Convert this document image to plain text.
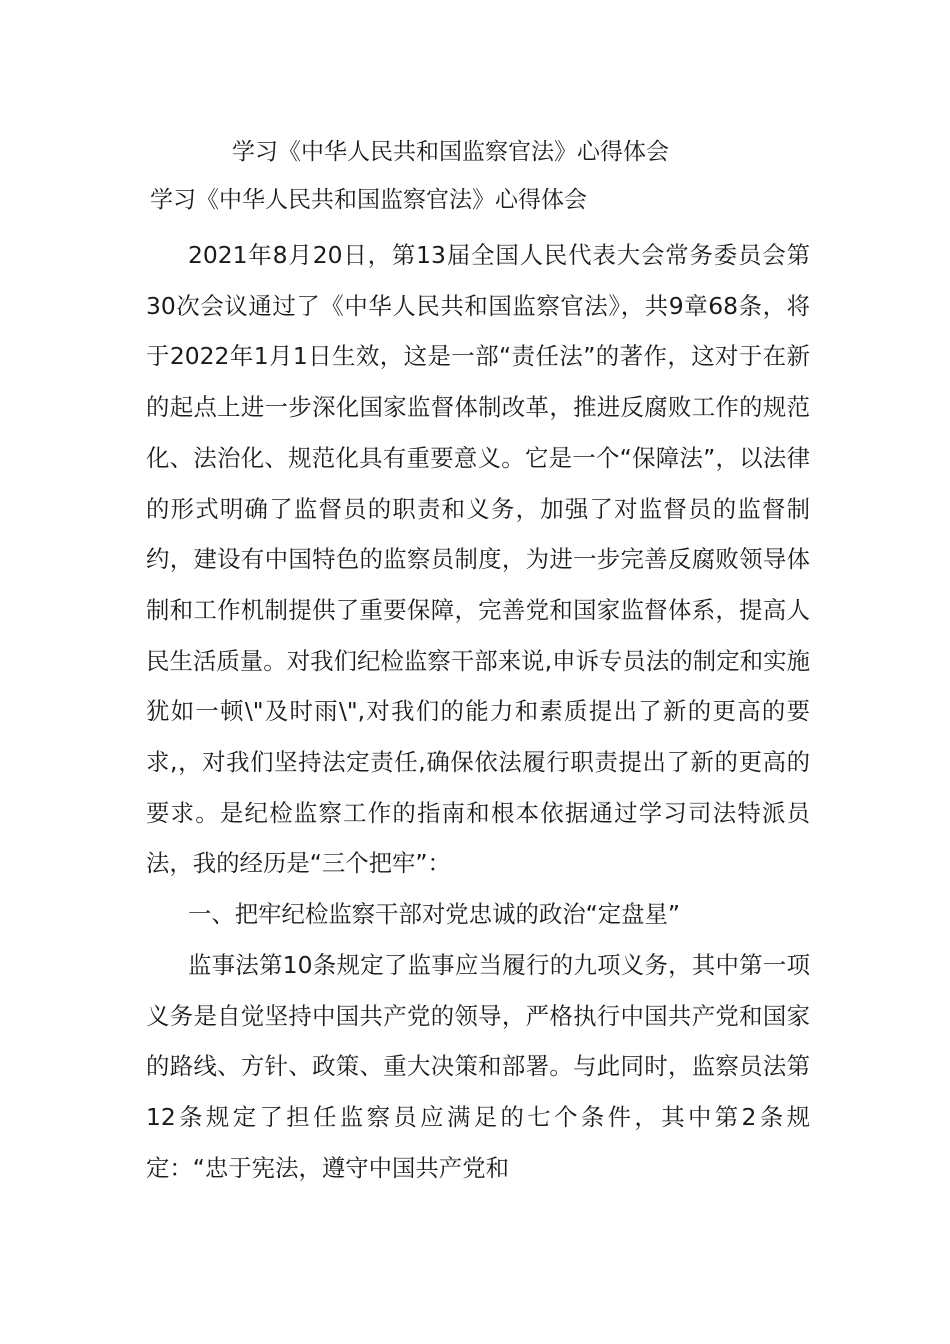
学习《中华人民共和国监察官法》心得体会
学习《中华人民共和国监察官法》心得体会

2021年8月20日，第13届全国人民代表大会常务委员会第30次会议通过了《中华人民共和国监察官法》，共9章68条，将于2022年1月1日生效，这是一部“责任法”的著作，这对于在新的起点上进一步深化国家监督体制改革，推进反腐败工作的规范化、法治化、规范化具有重要意义。它是一个“保障法”，以法律的形式明确了监督员的职责和义务，加强了对监督员的监督制约，建设有中国特色的监察员制度，为进一步完善反腐败领导体制和工作机制提供了重要保障，完善党和国家监督体系，提高人民生活质量。对我们纪检监察干部来说,申诉专员法的制定和实施犹如一顿\"及时雨\",对我们的能力和素质提出了新的更高的要求,，对我们坚持法定责任,确保依法履行职责提出了新的更高的要求。是纪检监察工作的指南和根本依据通过学习司法特派员法，我的经历是“三个把牢”：

一、把牢纪检监察干部对党忠诚的政治“定盘星”

监事法第10条规定了监事应当履行的九项义务，其中第一项义务是自觉坚持中国共产党的领导，严格执行中国共产党和国家的路线、方针、政策、重大决策和部署。与此同时，监察员法第12条规定了担任监察员应满足的七个条件，其中第2条规定：“忠于宪法，遵守中国共产党和
